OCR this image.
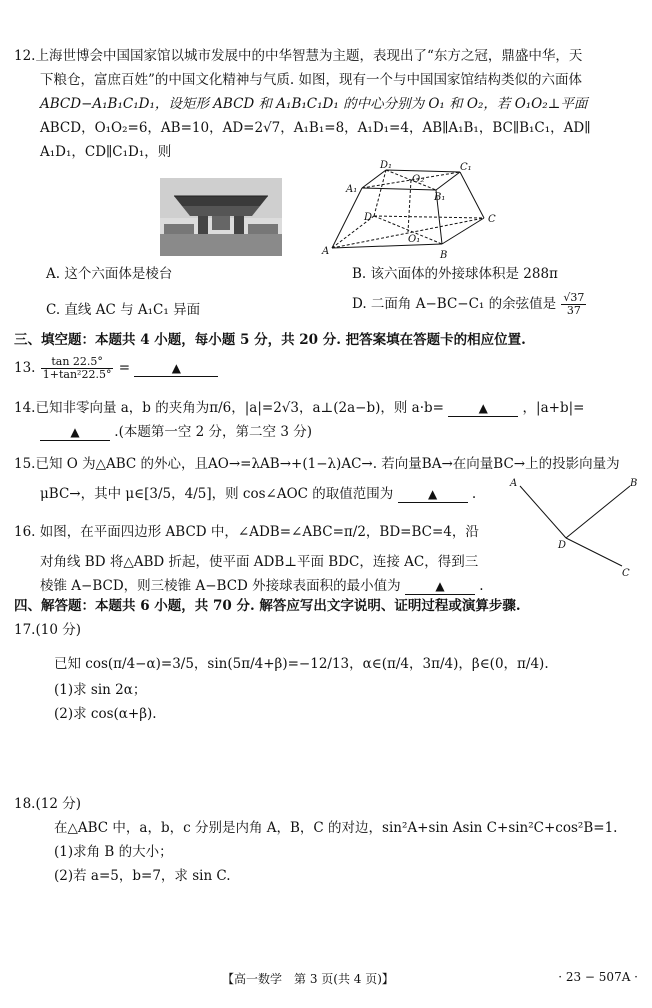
12.上海世博会中国国家馆以城市发展中的中华智慧为主题，表现出了“东方之冠，鼎盛中华，天
下粮仓，富庶百姓”的中国文化精神与气质. 如图，现有一个与中国国家馆结构类似的六面体
ABCD−A₁B₁C₁D₁，设矩形 ABCD 和 A₁B₁C₁D₁ 的中心分别为 O₁ 和 O₂，若 O₁O₂⊥平面
ABCD，O₁O₂=6，AB=10，AD=2√7，A₁B₁=8，A₁D₁=4，AB∥A₁B₁，BC∥B₁C₁，AD∥
A₁D₁，CD∥C₁D₁，则
A	B
C
D
A₁
B₁
C₁
D₁
O₁
O₂
A. 这个六面体是棱台	B. 该六面体的外接球体积是 288π
C. 直线 AC 与 A₁C₁ 异面	D. 二面角 A−BC−C₁ 的余弦值是 $\frac{√37}{37}$
三、填空题：本题共 4 小题，每小题 5 分，共 20 分. 把答案填在答题卡的相应位置.
13. $\frac{\tan 22.5^\circ}{\text{1+tan²22.5°}}$ =	▲
14.已知非零向量 a，b 的夹角为π/6，|a|=2√3，a⊥(2a−b)，则 a·b=	▲	，|a+b|=
▲	.(本题第一空 2 分，第二空 3 分)
15.已知 O 为△ABC 的外心，且AO→=λAB→+(1−λ)AC→. 若向量BA→在向量BC→上的投影向量为
μBC→，其中 μ∈[3/5，4/5]，则 cos∠AOC 的取值范围为	▲	.
16. 如图，在平面四边形 ABCD 中，∠ADB=∠ABC=π/2，BD=BC=4，沿
对角线 BD 将△ABD 折起，使平面 ADB⊥平面 BDC，连接 AC，得到三
棱锥 A−BCD，则三棱锥 A−BCD 外接球表面积的最小值为	▲	.
A	B
C
D
四、解答题：本题共 6 小题，共 70 分. 解答应写出文字说明、证明过程或演算步骤.
17.(10 分)
已知 cos(π/4−α)=3/5，sin(5π/4+β)=−12/13，α∈(π/4，3π/4)，β∈(0，π/4).
(1)求 sin 2α；
(2)求 cos(α+β).
18.(12 分)
在△ABC 中，a，b，c 分别是内角 A，B，C 的对边，sin²A+sin Asin C+sin²C+cos²B=1.
(1)求角 B 的大小；
(2)若 a=5，b=7，求 sin C.
【高一数学　第 3 页(共 4 页)】	· 23 − 507A ·
